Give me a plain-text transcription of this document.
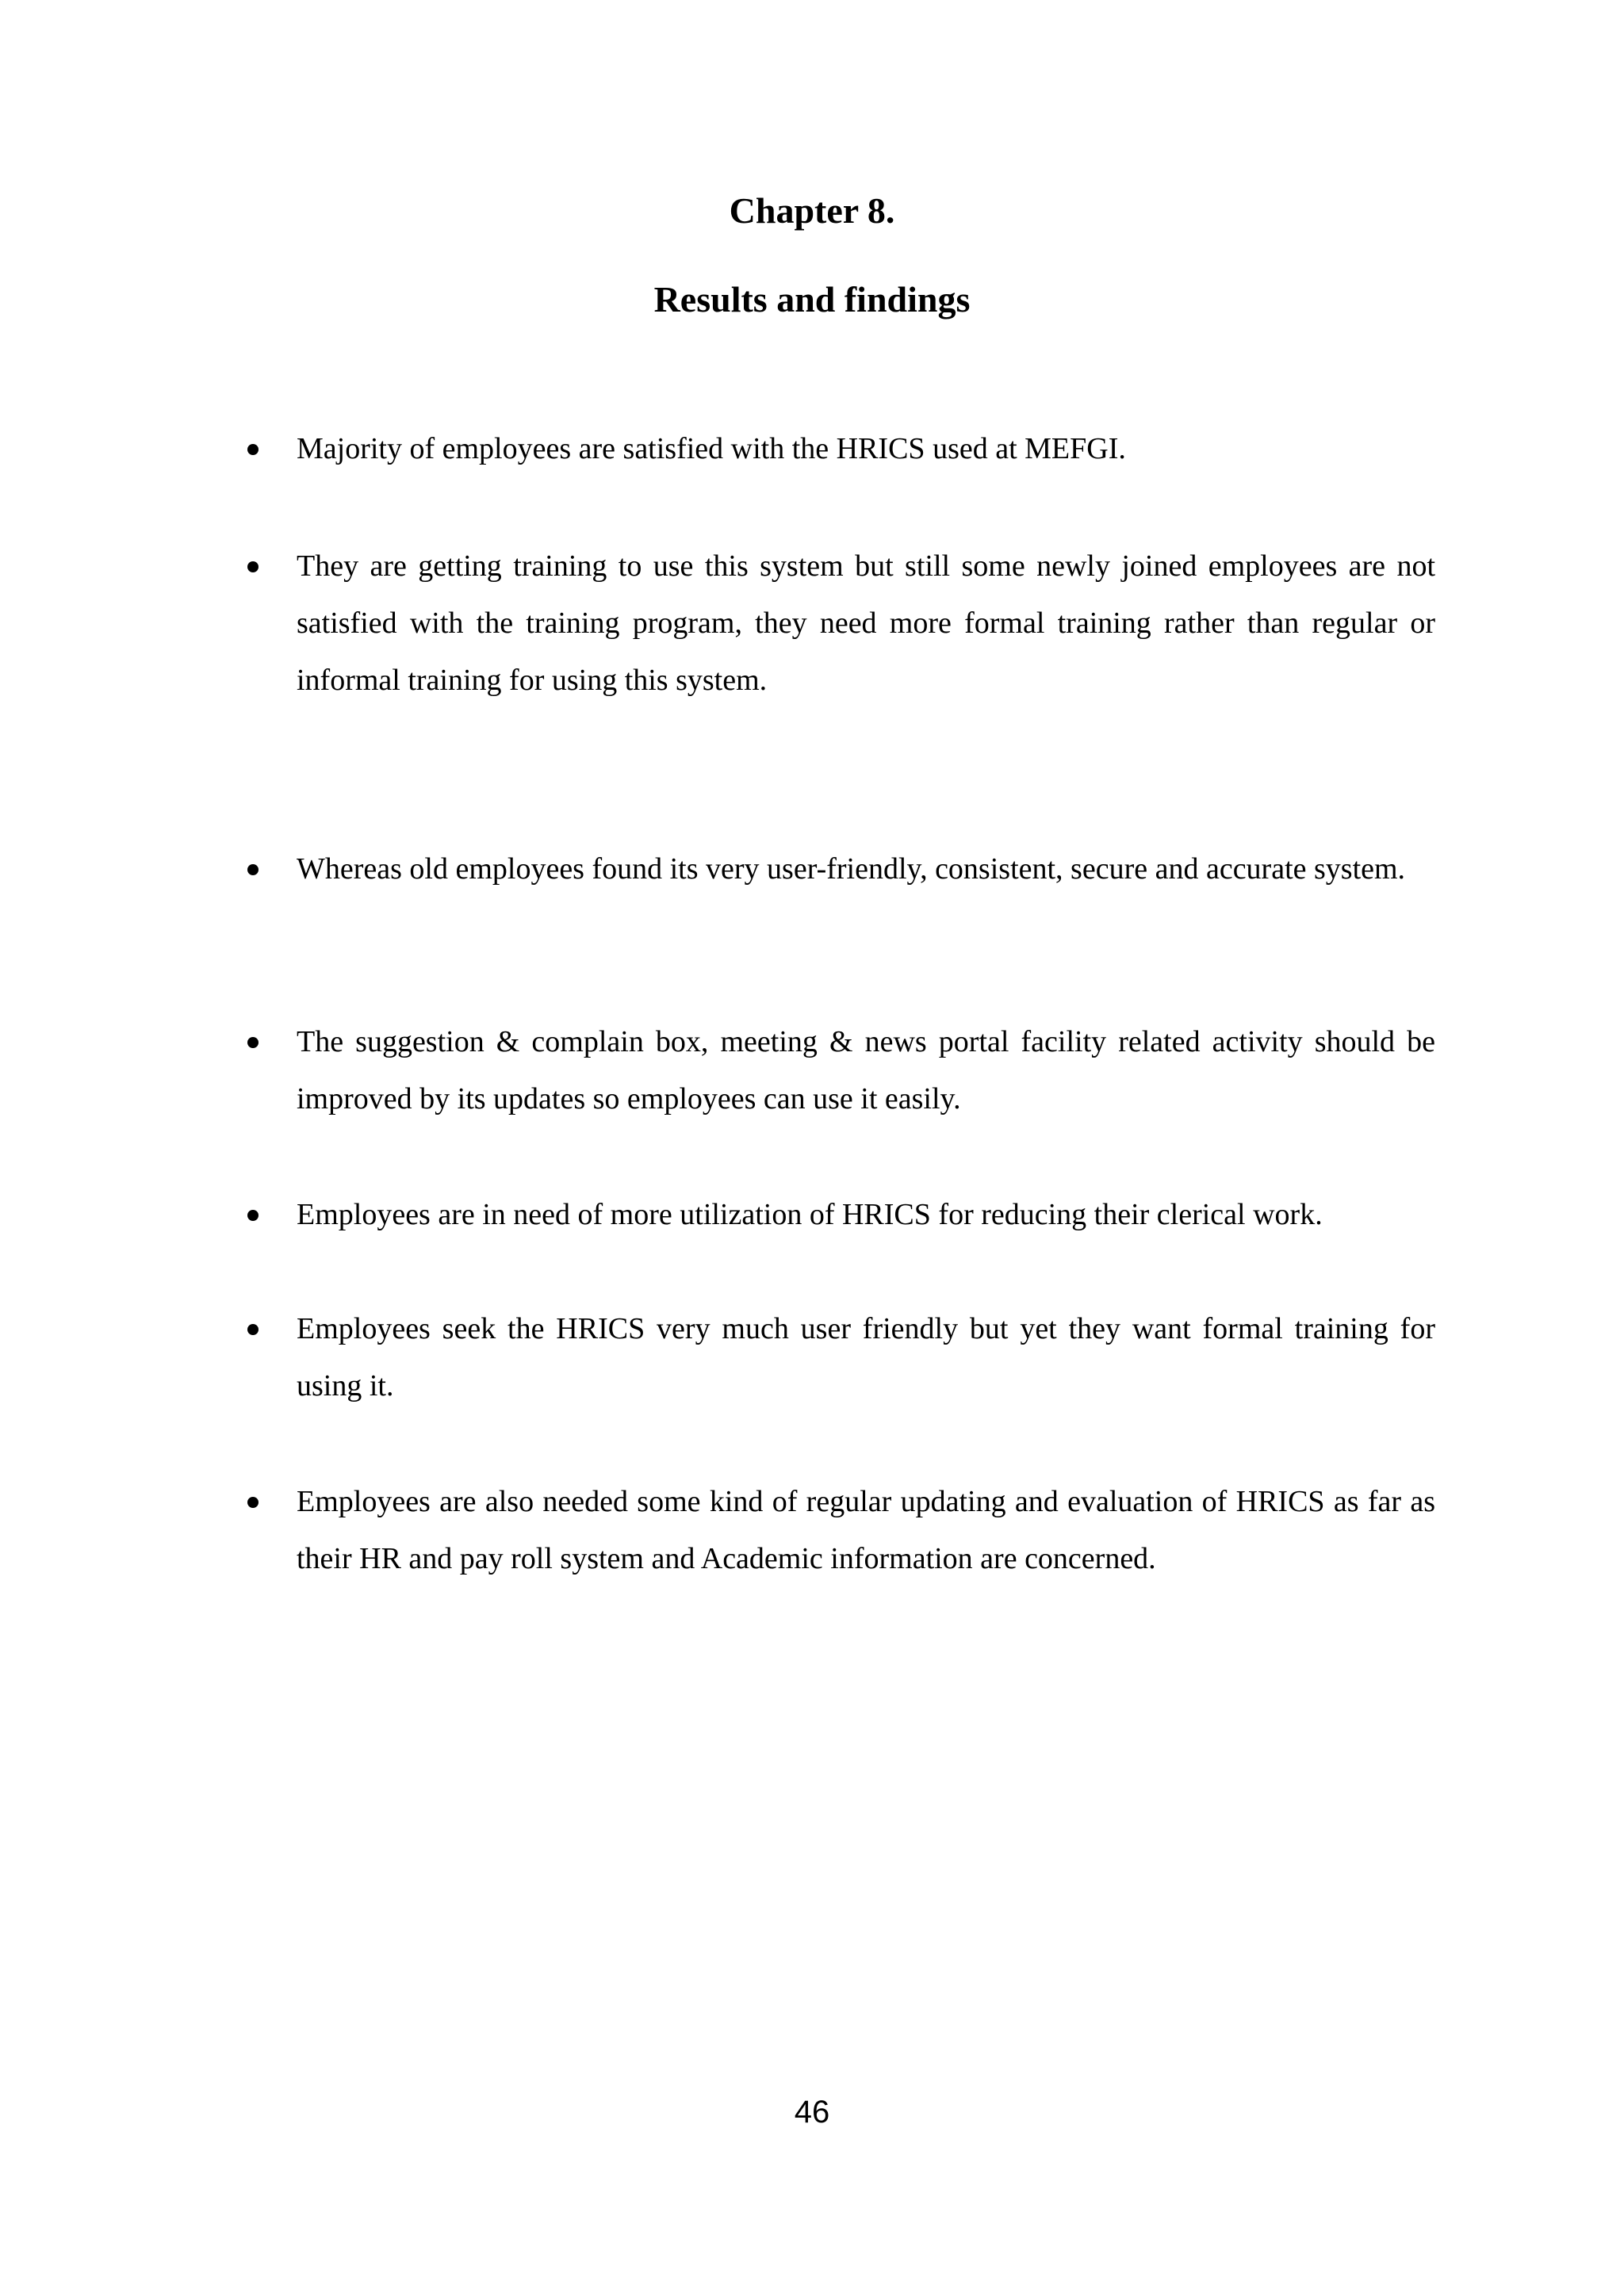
Chapter 8.
Results and findings
Majority of employees are satisfied with the HRICS used at MEFGI.
They are getting training to use this system but still some newly joined employees are not satisfied with the training program, they need more formal training rather than regular or informal training for using this system.
Whereas old employees found its very user-friendly, consistent, secure and accurate system.
The suggestion & complain box, meeting & news portal facility related activity should be improved by its updates so employees can use it easily.
Employees are in need of more utilization of HRICS for reducing their clerical work.
Employees seek the HRICS very much user friendly but yet they want formal training for using it.
Employees are also needed some kind of regular updating and evaluation of HRICS as far as their HR and pay roll system and Academic information are concerned.
46
